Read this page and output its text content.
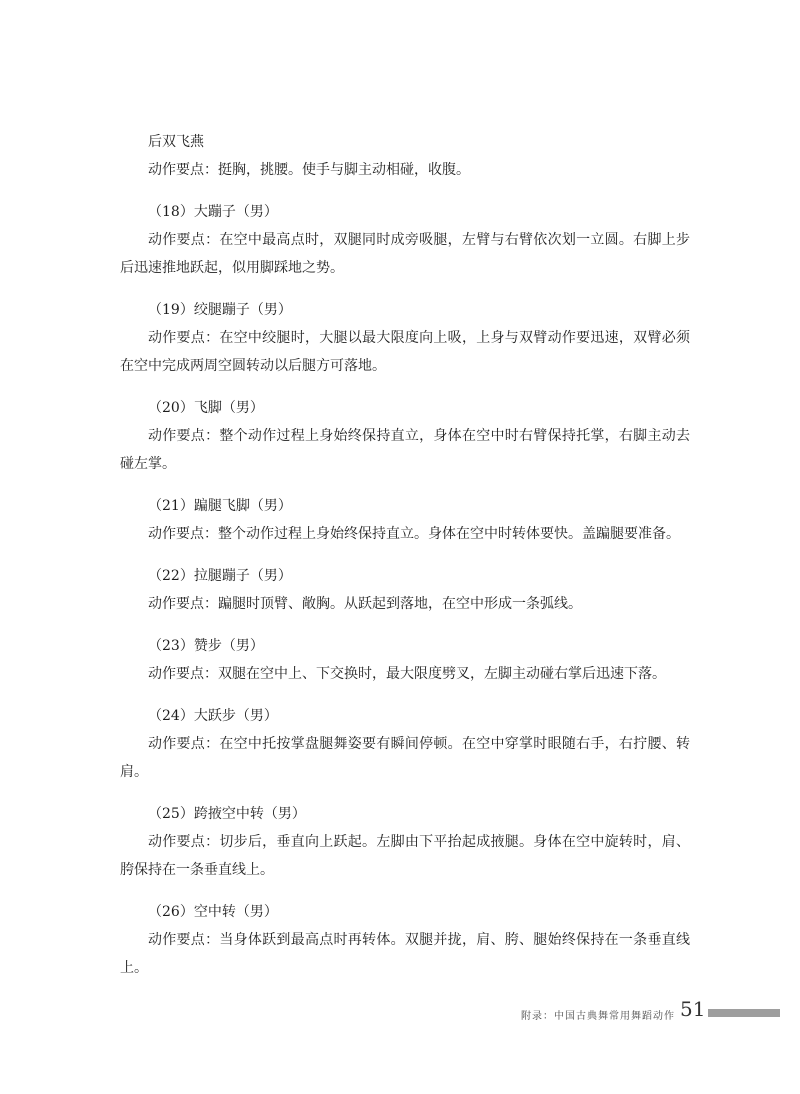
后双飞燕
动作要点：挺胸，挑腰。使手与脚主动相碰，收腹。
（18）大蹦子（男）
动作要点：在空中最高点时，双腿同时成旁吸腿，左臂与右臂依次划一立圆。右脚上步后迅速推地跃起，似用脚踩地之势。
（19）绞腿蹦子（男）
动作要点：在空中绞腿时，大腿以最大限度向上吸，上身与双臂动作要迅速，双臂必须在空中完成两周空圆转动以后腿方可落地。
（20）飞脚（男）
动作要点：整个动作过程上身始终保持直立，身体在空中时右臂保持托掌，右脚主动去碰左掌。
（21）蹁腿飞脚（男）
动作要点：整个动作过程上身始终保持直立。身体在空中时转体要快。盖蹁腿要准备。
（22）拉腿蹦子（男）
动作要点：蹁腿时顶臂、敞胸。从跃起到落地，在空中形成一条弧线。
（23）赞步（男）
动作要点：双腿在空中上、下交换时，最大限度劈叉，左脚主动碰右掌后迅速下落。
（24）大跃步（男）
动作要点：在空中托按掌盘腿舞姿要有瞬间停顿。在空中穿掌时眼随右手，右拧腰、转肩。
（25）跨掖空中转（男）
动作要点：切步后，垂直向上跃起。左脚由下平抬起成掖腿。身体在空中旋转时，肩、胯保持在一条垂直线上。
（26）空中转（男）
动作要点：当身体跃到最高点时再转体。双腿并拢，肩、胯、腿始终保持在一条垂直线上。
附录：中国古典舞常用舞蹈动作 51
